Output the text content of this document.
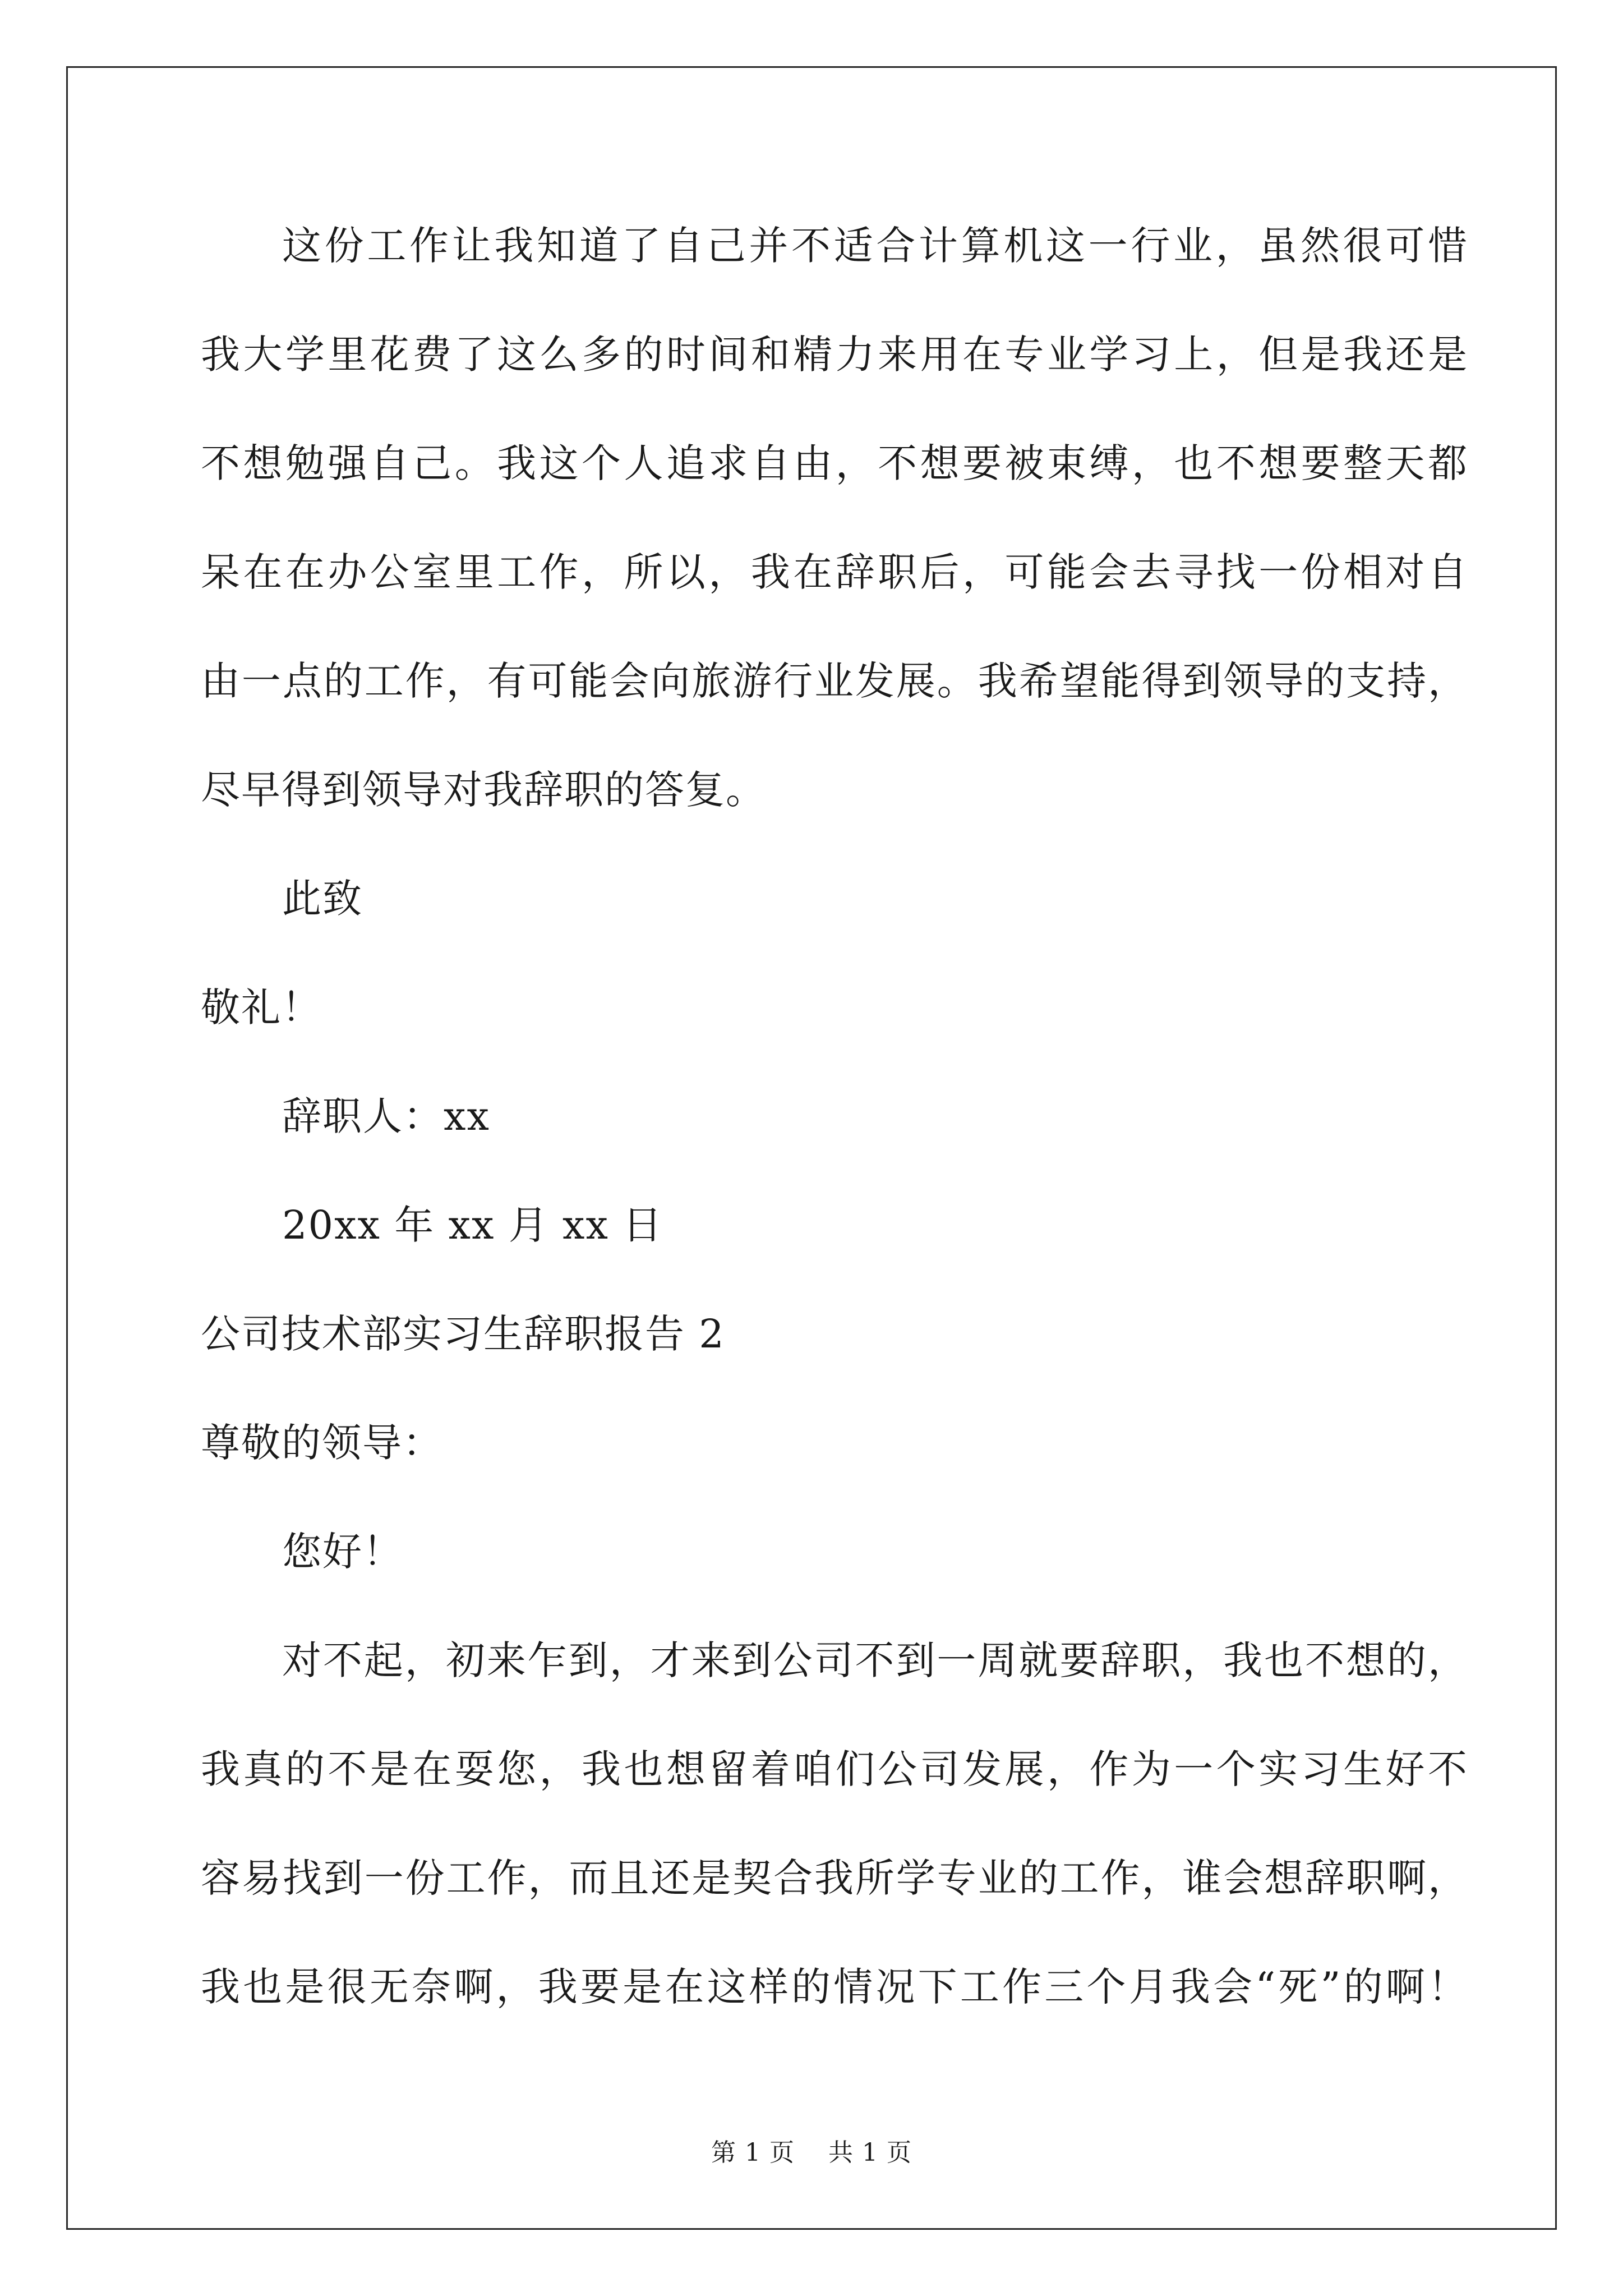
这份工作让我知道了自己并不适合计算机这一行业，虽然很可惜
我大学里花费了这么多的时间和精力来用在专业学习上，但是我还是
不想勉强自己。我这个人追求自由，不想要被束缚，也不想要整天都
呆在在办公室里工作，所以，我在辞职后，可能会去寻找一份相对自
由一点的工作，有可能会向旅游行业发展。我希望能得到领导的支持，
尽早得到领导对我辞职的答复。
此致
敬礼！
辞职人：xx
20xx 年 xx 月 xx 日
公司技术部实习生辞职报告 2
尊敬的领导：
您好！
对不起，初来乍到，才来到公司不到一周就要辞职，我也不想的，
我真的不是在耍您，我也想留着咱们公司发展，作为一个实习生好不
容易找到一份工作，而且还是契合我所学专业的工作，谁会想辞职啊，
我也是很无奈啊，我要是在这样的情况下工作三个月我会“死”的啊！
第 1 页 共 1 页
